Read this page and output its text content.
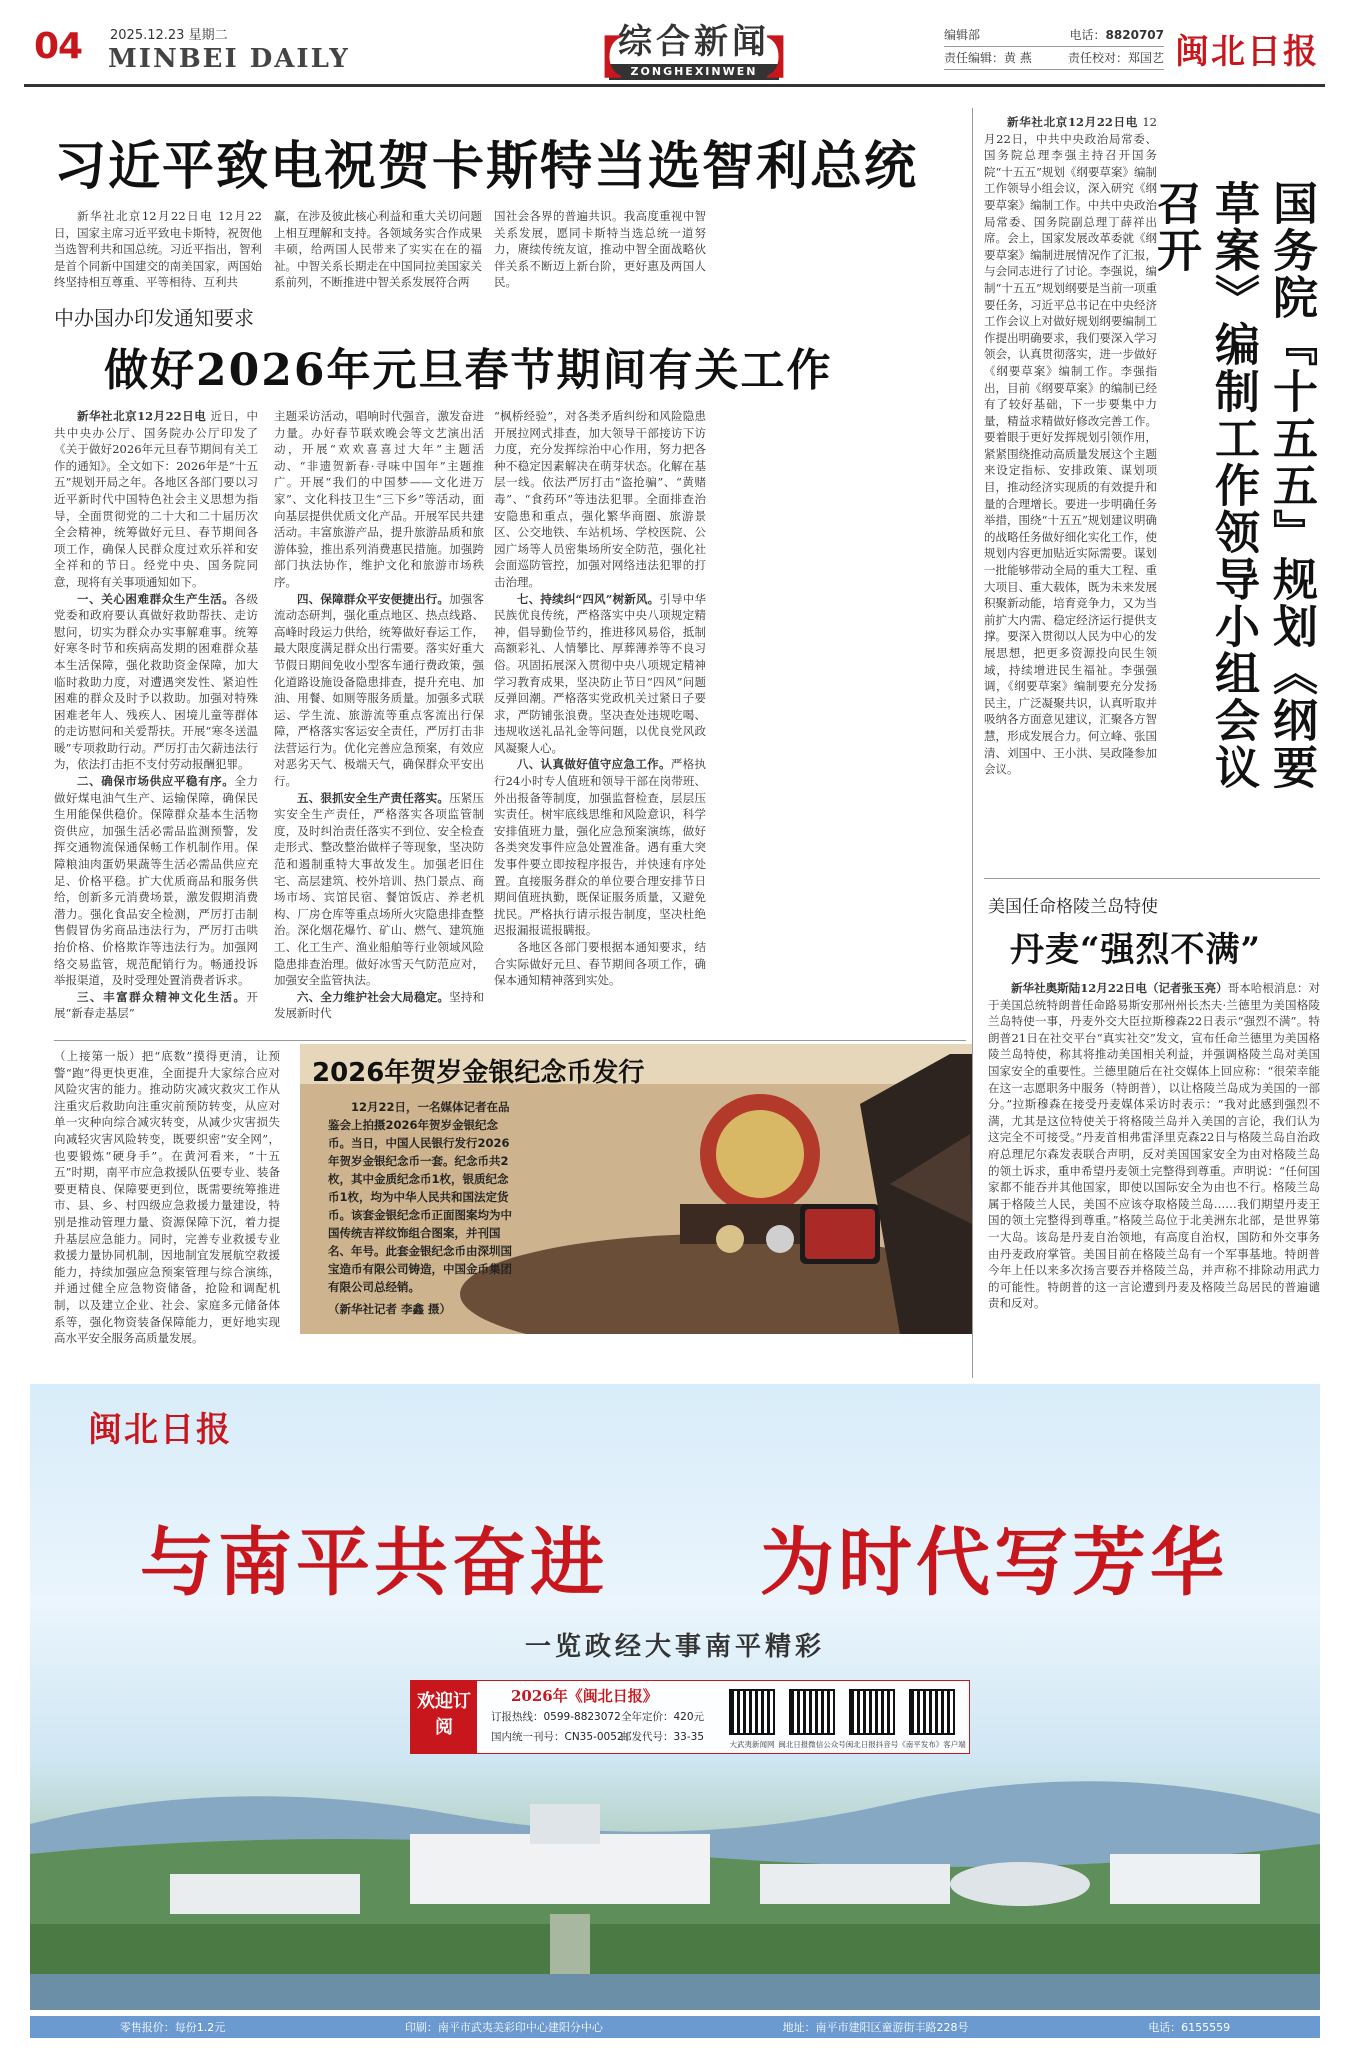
04 2025.12.23 星期二
MINBEI DAILY	【
综合新闻
ZONGHEXINWEN 】	编辑部	电话：8820707
责任编辑：黄 燕	责任校对：郑国艺 闽北日报
习近平致电祝贺卡斯特当选智利总统

新华社北京12月22日电 12月22日，国家主席习近平致电卡斯特，祝贺他当选智利共和国总统。习近平指出，智利是首个同新中国建交的南美国家，两国始终坚持相互尊重、平等相待、互利共

赢，在涉及彼此核心利益和重大关切问题上相互理解和支持。各领域务实合作成果丰硕，给两国人民带来了实实在在的福祉。中智关系长期走在中国同拉美国家关系前列，不断推进中智关系发展符合两

国社会各界的普遍共识。我高度重视中智关系发展，愿同卡斯特当选总统一道努力，赓续传统友谊，推动中智全面战略伙伴关系不断迈上新台阶，更好惠及两国人民。

中办国办印发通知要求
做好2026年元旦春节期间有关工作

新华社北京12月22日电 近日，中共中央办公厅、国务院办公厅印发了《关于做好2026年元旦春节期间有关工作的通知》。全文如下：2026年是“十五五”规划开局之年。各地区各部门要以习近平新时代中国特色社会主义思想为指导，全面贯彻党的二十大和二十届历次全会精神，统筹做好元旦、春节期间各项工作，确保人民群众度过欢乐祥和安全祥和的节日。经党中央、国务院同意，现将有关事项通知如下。

一、关心困难群众生产生活。各级党委和政府要认真做好救助帮扶、走访慰问，切实为群众办实事解难事。统筹好寒冬时节和疾病高发期的困难群众基本生活保障，强化救助资金保障，加大临时救助力度，对遭遇突发性、紧迫性困难的群众及时予以救助。加强对特殊困难老年人、残疾人、困境儿童等群体的走访慰问和关爱帮扶。开展“寒冬送温暖”专项救助行动。严厉打击欠薪违法行为，依法打击拒不支付劳动报酬犯罪。

二、确保市场供应平稳有序。全力做好煤电油气生产、运输保障，确保民生用能保供稳价。保障群众基本生活物资供应，加强生活必需品监测预警，发挥交通物流保通保畅工作机制作用。保障粮油肉蛋奶果蔬等生活必需品供应充足、价格平稳。扩大优质商品和服务供给，创新多元消费场景，激发假期消费潜力。强化食品安全检测，严厉打击制售假冒伪劣商品违法行为，严厉打击哄抬价格、价格欺诈等违法行为。加强网络交易监管，规范配销行为。畅通投诉举报渠道，及时受理处置消费者诉求。

三、丰富群众精神文化生活。开展“新春走基层”

主题采访活动，唱响时代强音，激发奋进力量。办好春节联欢晚会等文艺演出活动，开展“欢欢喜喜过大年”主题活动、“非遗贺新春·寻味中国年”主题推广。开展“我们的中国梦——文化进万家”、文化科技卫生“三下乡”等活动，面向基层提供优质文化产品。开展军民共建活动。丰富旅游产品，提升旅游品质和旅游体验，推出系列消费惠民措施。加强跨部门执法协作，维护文化和旅游市场秩序。

四、保障群众平安便捷出行。加强客流动态研判，强化重点地区、热点线路、高峰时段运力供给，统筹做好春运工作，最大限度满足群众出行需要。落实好重大节假日期间免收小型客车通行费政策，强化道路设施设备隐患排查，提升充电、加油、用餐、如厕等服务质量。加强多式联运、学生流、旅游流等重点客流出行保障，严格落实客运安全责任，严厉打击非法营运行为。优化完善应急预案，有效应对恶劣天气、极端天气，确保群众平安出行。

五、狠抓安全生产责任落实。压紧压实安全生产责任，严格落实各项监管制度，及时纠治责任落实不到位、安全检查走形式、整改整治做样子等现象，坚决防范和遏制重特大事故发生。加强老旧住宅、高层建筑、校外培训、热门景点、商场市场、宾馆民宿、餐馆饭店、养老机构、厂房仓库等重点场所火灾隐患排查整治。深化烟花爆竹、矿山、燃气、建筑施工、化工生产、渔业船舶等行业领域风险隐患排查治理。做好冰雪天气防范应对，加强安全监管执法。

六、全力维护社会大局稳定。坚持和发展新时代

“枫桥经验”，对各类矛盾纠纷和风险隐患开展拉网式排查，加大领导干部接访下访力度，充分发挥综治中心作用，努力把各种不稳定因素解决在萌芽状态。化解在基层一线。依法严厉打击“盗抢骗”、“黄赌毒”、“食药环”等违法犯罪。全面排查治安隐患和重点，强化繁华商圈、旅游景区、公交地铁、车站机场、学校医院、公园广场等人员密集场所安全防范，强化社会面巡防管控，加强对网络违法犯罪的打击治理。

七、持续纠“四风”树新风。引导中华民族优良传统，严格落实中央八项规定精神，倡导勤俭节约，推进移风易俗，抵制高额彩礼、人情攀比、厚葬薄养等不良习俗。巩固拓展深入贯彻中央八项规定精神学习教育成果，坚决防止节日“四风”问题反弹回潮。严格落实党政机关过紧日子要求，严防铺张浪费。坚决查处违规吃喝、违规收送礼品礼金等问题，以优良党风政风凝聚人心。

八、认真做好值守应急工作。严格执行24小时专人值班和领导干部在岗带班、外出报备等制度，加强监督检查，层层压实责任。树牢底线思维和风险意识，科学安排值班力量，强化应急预案演练，做好各类突发事件应急处置准备。遇有重大突发事件要立即按程序报告，并快速有序处置。直接服务群众的单位要合理安排节日期间值班执勤，既保证服务质量，又避免扰民。严格执行请示报告制度，坚决杜绝迟报漏报谎报瞒报。

各地区各部门要根据本通知要求，结合实际做好元旦、春节期间各项工作，确保本通知精神落到实处。

新华社北京12月22日电 12月22日，中共中央政治局常委、国务院总理李强主持召开国务院“十五五”规划《纲要草案》编制工作领导小组会议，深入研究《纲要草案》编制工作。中共中央政治局常委、国务院副总理丁薛祥出席。会上，国家发展改革委就《纲要草案》编制进展情况作了汇报，与会同志进行了讨论。李强说，编制“十五五”规划纲要是当前一项重要任务，习近平总书记在中央经济工作会议上对做好规划纲要编制工作提出明确要求，我们要深入学习领会，认真贯彻落实，进一步做好《纲要草案》编制工作。李强指出，目前《纲要草案》的编制已经有了较好基础，下一步要集中力量，精益求精做好修改完善工作。要着眼于更好发挥规划引领作用，紧紧围绕推动高质量发展这个主题来设定指标、安排政策、谋划项目，推动经济实现质的有效提升和量的合理增长。要进一步明确任务举措，围绕“十五五”规划建议明确的战略任务做好细化实化工作，使规划内容更加贴近实际需要。谋划一批能够带动全局的重大工程、重大项目、重大载体，既为未来发展积聚新动能，培育竞争力，又为当前扩大内需、稳定经济运行提供支撑。要深入贯彻以人民为中心的发展思想，把更多资源投向民生领域，持续增进民生福祉。李强强调，《纲要草案》编制要充分发扬民主，广泛凝聚共识，认真听取并吸纳各方面意见建议，汇聚各方智慧，形成发展合力。何立峰、张国清、刘国中、王小洪、吴政隆参加会议。	国务院『十五五』规划《纲要草案》编制工作领导小组会议召开
美国任命格陵兰岛特使
丹麦“强烈不满”

新华社奥斯陆12月22日电（记者张玉亮）哥本哈根消息：对于美国总统特朗普任命路易斯安那州州长杰夫·兰德里为美国格陵兰岛特使一事，丹麦外交大臣拉斯穆森22日表示“强烈不满”。特朗普21日在社交平台“真实社交”发文，宣布任命兰德里为美国格陵兰岛特使，称其将推动美国相关利益，并强调格陵兰岛对美国国家安全的重要性。兰德里随后在社交媒体上回应称：“很荣幸能在这一志愿职务中服务（特朗普），以让格陵兰岛成为美国的一部分。”拉斯穆森在接受丹麦媒体采访时表示：“我对此感到强烈不满，尤其是这位特使关于将格陵兰岛并入美国的言论，我们认为这完全不可接受。”丹麦首相弗雷泽里克森22日与格陵兰岛自治政府总理尼尔森发表联合声明，反对美国国家安全为由对格陵兰岛的领土诉求，重申希望丹麦领土完整得到尊重。声明说：“任何国家都不能吞并其他国家，即使以国际安全为由也不行。格陵兰岛属于格陵兰人民，美国不应该夺取格陵兰岛……我们期望丹麦王国的领土完整得到尊重。”格陵兰岛位于北美洲东北部，是世界第一大岛。该岛是丹麦自治领地，有高度自治权，国防和外交事务由丹麦政府掌管。美国目前在格陵兰岛有一个军事基地。特朗普今年上任以来多次扬言要吞并格陵兰岛，并声称不排除动用武力的可能性。特朗普的这一言论遭到丹麦及格陵兰岛居民的普遍谴责和反对。

（上接第一版）把“底数”摸得更清，让预警“跑”得更快更准，全面提升大家综合应对风险灾害的能力。推动防灾减灾救灾工作从注重灾后救助向注重灾前预防转变，从应对单一灾种向综合减灾转变，从减少灾害损失向减轻灾害风险转变，既要织密“安全网”，也要锻炼“硬身手”。在黄河看来，“十五五”时期，南平市应急救援队伍要专业、装备要更精良、保障要更到位，既需要统筹推进市、县、乡、村四级应急救援力量建设，特别是推动管理力量、资源保障下沉，着力提升基层应急能力。同时，完善专业救援专业救援力量协同机制，因地制宜发展航空救援能力，持续加强应急预案管理与综合演练，并通过健全应急物资储备，抢险和调配机制，以及建立企业、社会、家庭多元储备体系等，强化物资装备保障能力，更好地实现高水平安全服务高质量发展。

2026年贺岁金银纪念币发行

12月22日，一名媒体记者在品鉴会上拍摄2026年贺岁金银纪念币。当日，中国人民银行发行2026年贺岁金银纪念币一套。纪念币共2枚，其中金质纪念币1枚，银质纪念币1枚，均为中华人民共和国法定货币。该套金银纪念币正面图案均为中国传统吉祥纹饰组合图案，并刊国名、年号。此套金银纪念币由深圳国宝造币有限公司铸造，中国金币集团有限公司总经销。

（新华社记者 李鑫 摄）

闽北日报
与南平共奋进 为时代写芳华
一览政经大事南平精彩
欢迎订阅
2026年《闽北日报》
订报热线：0599-8823072 全年定价：420元
国内统一刊号：CN35-0052
邮发代号：33-35
大武夷新闻网 闽北日报微信公众号 闽北日报抖音号 《南平发布》客户端
零售报价：每份1.2元	印刷：南平市武夷美彩印中心建阳分中心	地址：南平市建阳区童游街丰路228号	电话：6155559
